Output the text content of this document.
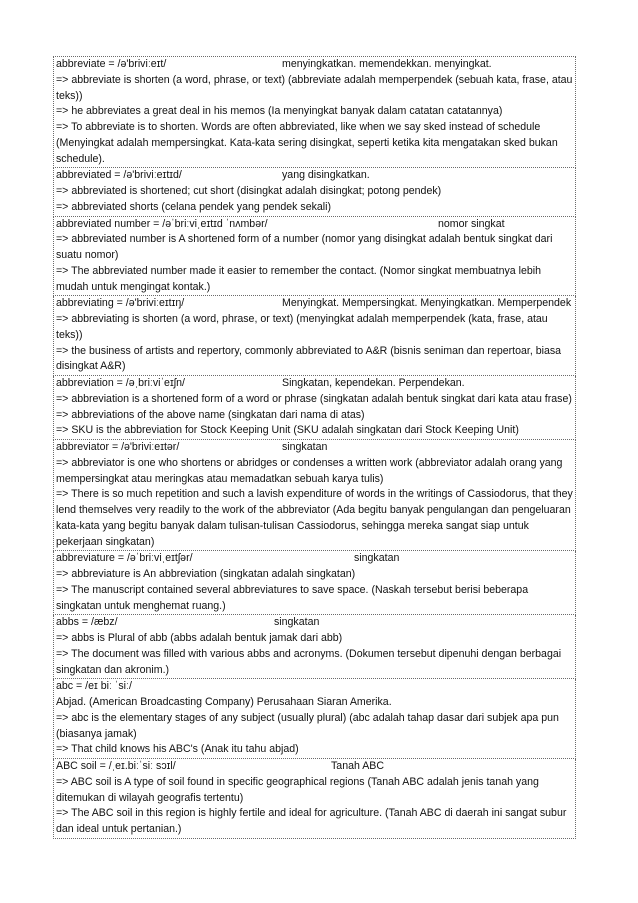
abbreviate = /ə'briviːeɪt/	menyingkatkan. memendekkan. menyingkat.
=> abbreviate is shorten (a word, phrase, or text) (abbreviate adalah memperpendek (sebuah kata, frase, atau teks))
=> he abbreviates a great deal in his memos (Ia menyingkat banyak dalam catatan catatannya)
=> To abbreviate is to shorten. Words are often abbreviated, like when we say sked instead of schedule (Menyingkat adalah mempersingkat. Kata-kata sering disingkat, seperti ketika kita mengatakan sked bukan schedule).
abbreviated = /ə'briviːeɪtɪd/	yang disingkatkan.
=> abbreviated is shortened; cut short (disingkat adalah disingkat; potong pendek)
=> abbreviated shorts (celana pendek yang pendek sekali)
abbreviated number = /əˈbriːviˌeɪtɪd ˈnʌmbər/	nomor singkat
=> abbreviated number is A shortened form of a number (nomor yang disingkat adalah bentuk singkat dari suatu nomor)
=> The abbreviated number made it easier to remember the contact. (Nomor singkat membuatnya lebih mudah untuk mengingat kontak.)
abbreviating = /ə'briviːeɪtɪŋ/	Menyingkat. Mempersingkat. Menyingkatkan. Memperpendek
=> abbreviating is shorten (a word, phrase, or text) (menyingkat adalah memperpendek (kata, frase, atau teks))
=> the business of artists and repertory, commonly abbreviated to A&R (bisnis seniman dan repertoar, biasa disingkat A&R)
abbreviation = /əˌbriːviˈeɪʃn/	Singkatan, kependekan. Perpendekan.
=> abbreviation is a shortened form of a word or phrase (singkatan adalah bentuk singkat dari kata atau frase)
=> abbreviations of the above name (singkatan dari nama di atas)
=> SKU is the abbreviation for Stock Keeping Unit (SKU adalah singkatan dari Stock Keeping Unit)
abbreviator = /ə'briviːeɪtər/	singkatan
=> abbreviator is one who shortens or abridges or condenses a written work (abbreviator adalah orang yang mempersingkat atau meringkas atau memadatkan sebuah karya tulis)
=> There is so much repetition and such a lavish expenditure of words in the writings of Cassiodorus, that they lend themselves very readily to the work of the abbreviator (Ada begitu banyak pengulangan dan pengeluaran kata-kata yang begitu banyak dalam tulisan-tulisan Cassiodorus, sehingga mereka sangat siap untuk pekerjaan singkatan)
abbreviature = /əˈbriːviˌeɪtʃər/	singkatan
=> abbreviature is An abbreviation (singkatan adalah singkatan)
=> The manuscript contained several abbreviatures to save space. (Naskah tersebut berisi beberapa singkatan untuk menghemat ruang.)
abbs = /æbz/	singkatan
=> abbs is Plural of abb (abbs adalah bentuk jamak dari abb)
=> The document was filled with various abbs and acronyms. (Dokumen tersebut dipenuhi dengan berbagai singkatan dan akronim.)
abc = /eɪ biː ˈsiː/
Abjad. (American Broadcasting Company) Perusahaan Siaran Amerika.
=> abc is the elementary stages of any subject (usually plural) (abc adalah tahap dasar dari subjek apa pun (biasanya jamak)
=> That child knows his ABC's (Anak itu tahu abjad)
ABC soil = /ˌeɪ.biːˈsiː sɔɪl/	Tanah ABC
=> ABC soil is A type of soil found in specific geographical regions (Tanah ABC adalah jenis tanah yang ditemukan di wilayah geografis tertentu)
=> The ABC soil in this region is highly fertile and ideal for agriculture. (Tanah ABC di daerah ini sangat subur dan ideal untuk pertanian.)
